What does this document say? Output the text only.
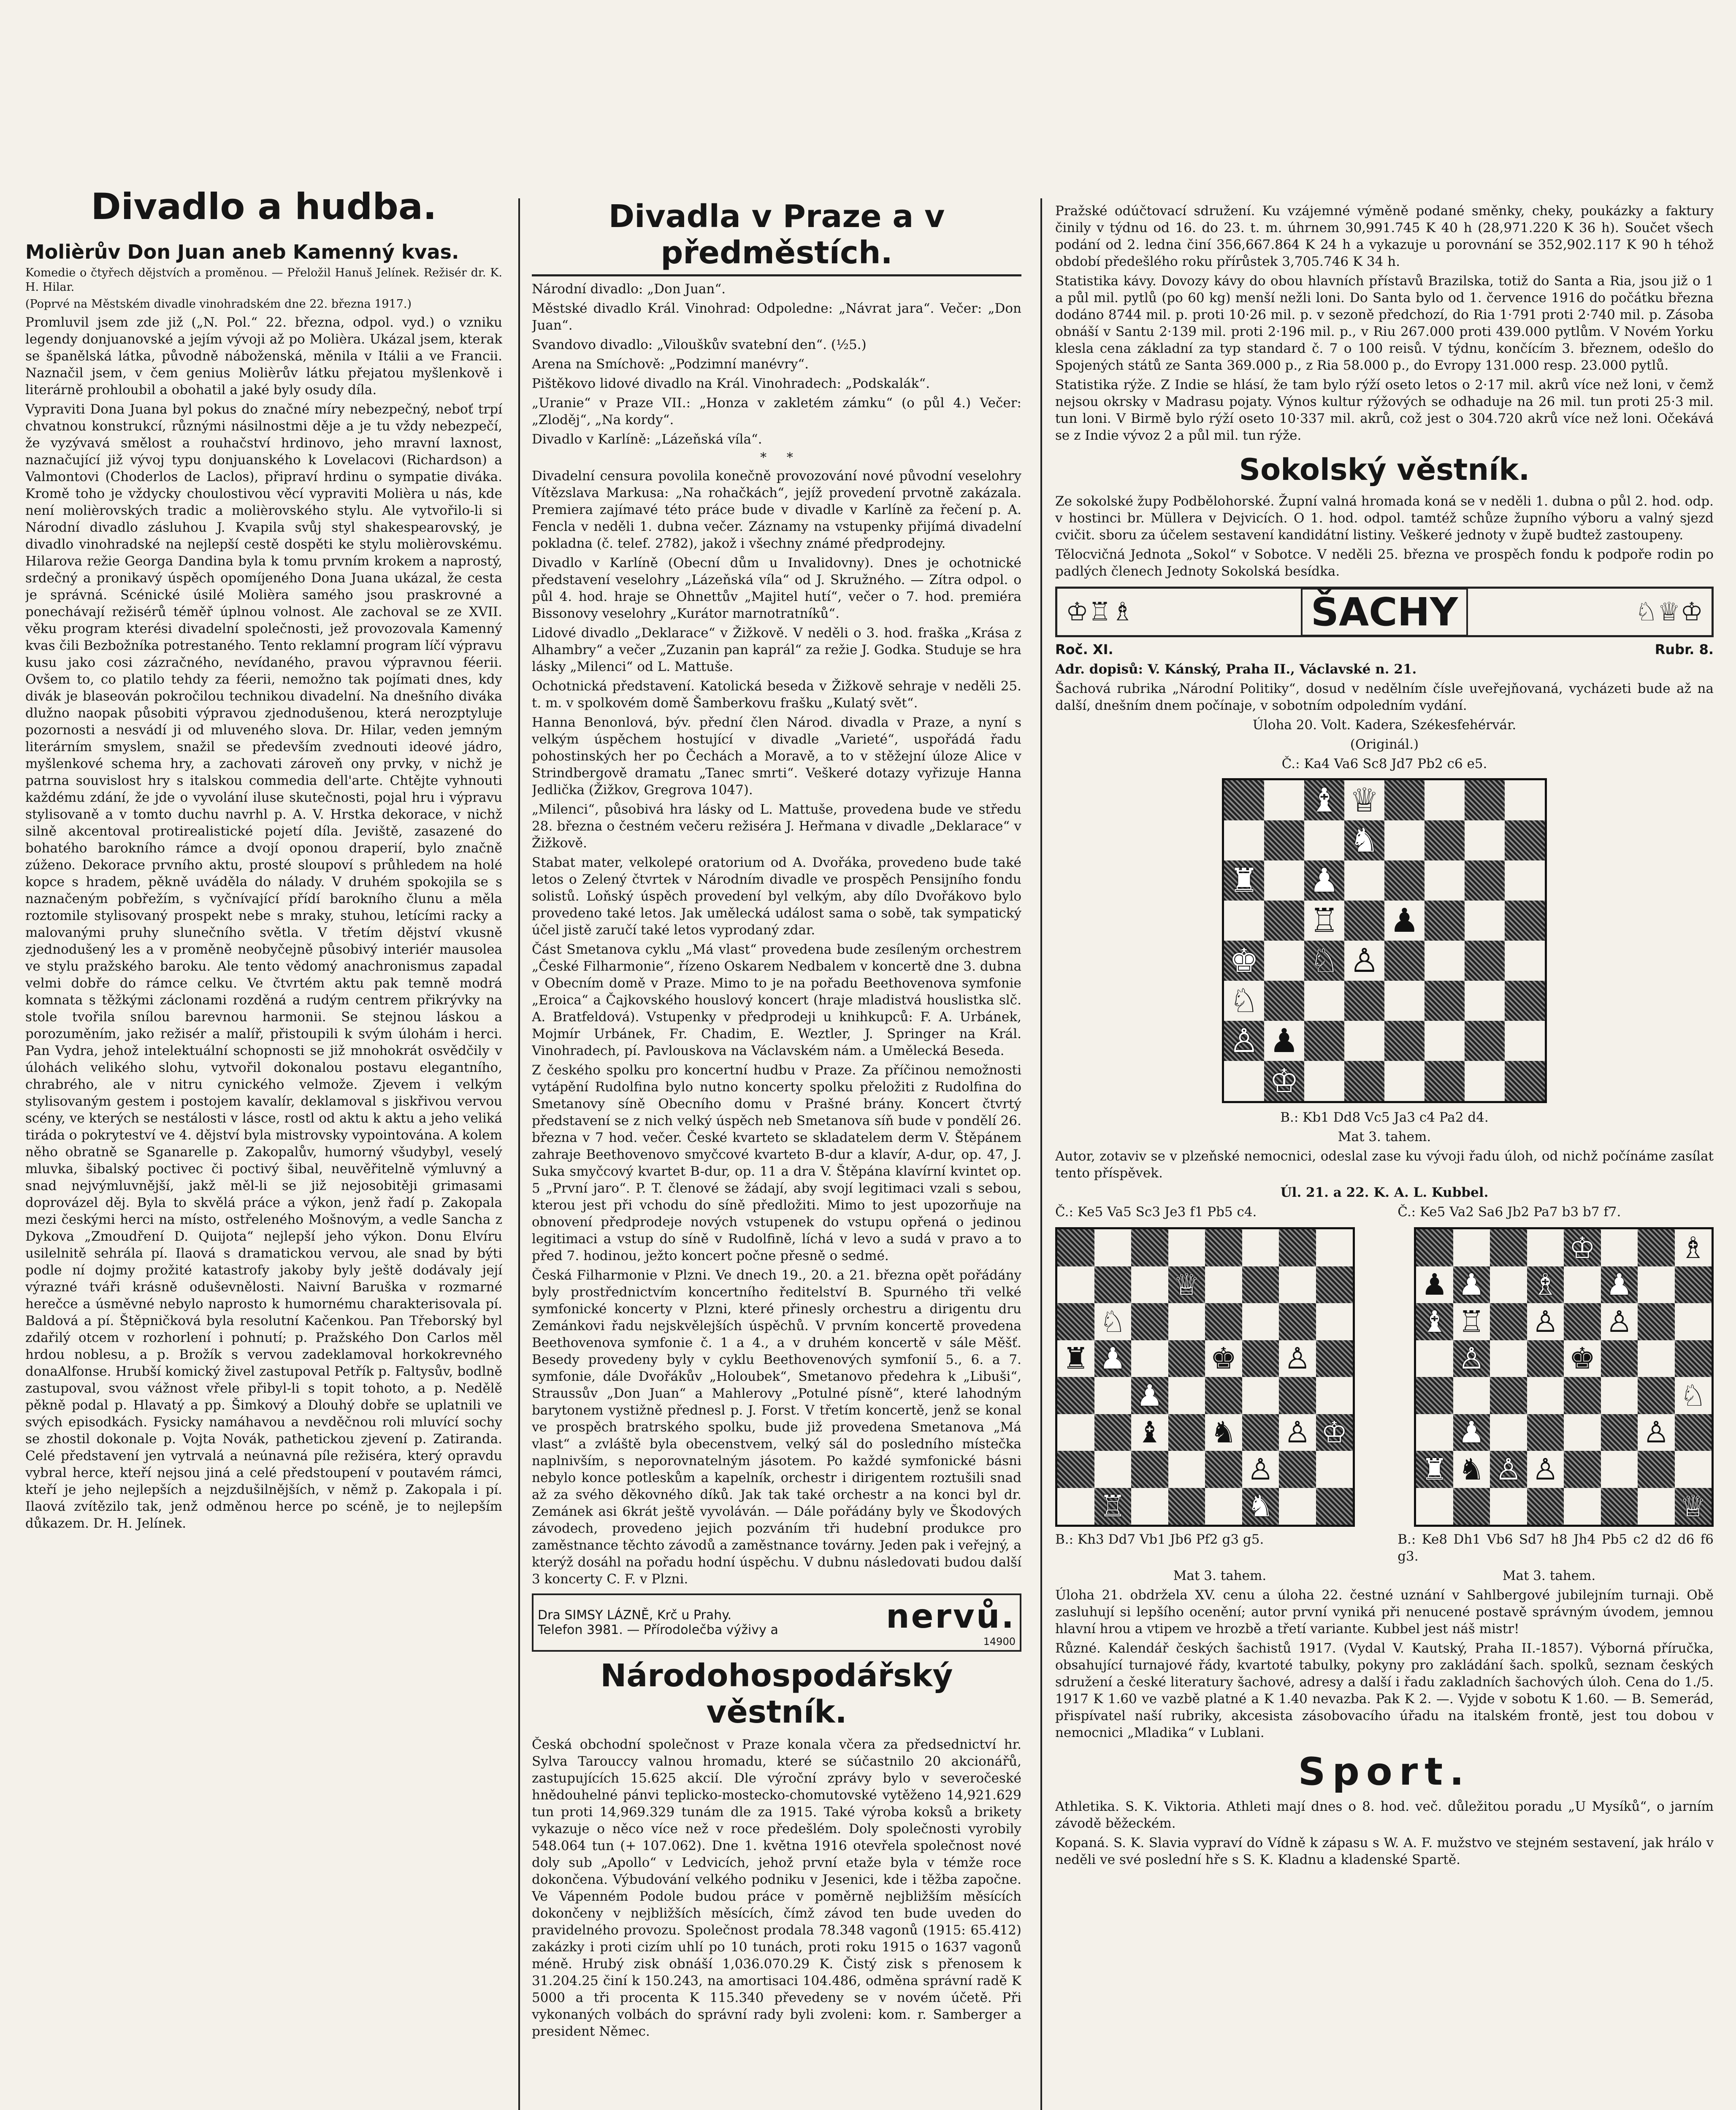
Divadlo a hudba.

Molièrův Don Juan aneb Kamenný kvas.

Komedie o čtyřech dějstvích a proměnou. — Přeložil Hanuš Jelínek. Režisér dr. K. H. Hilar.

(Poprvé na Městském divadle vinohradském dne 22. března 1917.)

Promluvil jsem zde již („N. Pol.“ 22. března, odpol. vyd.) o vzniku legendy donjuanovské a jejím vývoji až po Molièra. Ukázal jsem, kterak se španělská látka, původně náboženská, měnila v Itálii a ve Francii. Naznačil jsem, v čem genius Molièrův látku přejatou myšlenkově i literárně prohloubil a obohatil a jaké byly osudy díla.

Vypraviti Dona Juana byl pokus do značné míry nebezpečný, neboť trpí chvatnou konstrukcí, různými násilnostmi děje a je tu vždy nebezpečí, že vyzývavá smělost a rouhačství hrdinovo, jeho mravní laxnost, naznačující již vývoj typu donjuanského k Lovelacovi (Richardson) a Valmontovi (Choderlos de Laclos), připraví hrdinu o sympatie diváka. Kromě toho je vždycky choulostivou věcí vypraviti Molièra u nás, kde není molièrovských tradic a molièrovského stylu. Ale vytvořilo-li si Národní divadlo zásluhou J. Kvapila svůj styl shakespearovský, je divadlo vinohradské na nejlepší cestě dospěti ke stylu molièrovskému. Hilarova režie Georga Dandina byla k tomu prvním krokem a naprostý, srdečný a pronikavý úspěch opomíjeného Dona Juana ukázal, že cesta je správná. Scénické úsilé Molièra samého jsou praskrovné a ponechávají režisérů téměř úplnou volnost. Ale zachoval se ze XVII. věku program kterési divadelní společnosti, jež provozovala Kamenný kvas čili Bezbožníka potrestaného. Tento reklamní program líčí výpravu kusu jako cosi zázračného, nevídaného, pravou výpravnou féerii. Ovšem to, co platilo tehdy za féerii, nemožno tak pojímati dnes, kdy divák je blaseován pokročilou technikou divadelní. Na dnešního diváka dlužno naopak působiti výpravou zjednodušenou, která nerozptyluje pozornosti a nesvádí ji od mluveného slova. Dr. Hilar, veden jemným literárním smyslem, snažil se především zvednouti ideové jádro, myšlenkové schema hry, a zachovati zároveň ony prvky, v nichž je patrna souvislost hry s italskou commedia dell'arte. Chtějte vyhnouti každému zdání, že jde o vyvolání iluse skutečnosti, pojal hru i výpravu stylisovaně a v tomto duchu navrhl p. A. V. Hrstka dekorace, v nichž silně akcentoval protirealistické pojetí díla. Jeviště, zasazené do bohatého barokního rámce a dvojí oponou draperií, bylo značně zúženo. Dekorace prvního aktu, prosté sloupoví s průhledem na holé kopce s hradem, pěkně uváděla do nálady. V druhém spokojila se s naznačeným pobřežím, s vyčnívající přídí barokního člunu a měla roztomile stylisovaný prospekt nebe s mraky, stuhou, letícími racky a malovanými pruhy slunečního světla. V třetím dějství vkusně zjednodušený les a v proměně neobyčejně působivý interiér mausolea ve stylu pražského baroku. Ale tento vědomý anachronismus zapadal velmi dobře do rámce celku. Ve čtvrtém aktu pak temně modrá komnata s těžkými záclonami rozděná a rudým centrem přikrývky na stole tvořila snílou barevnou harmonii. Se stejnou láskou a porozuměním, jako režisér a malíř, přistoupili k svým úlohám i herci. Pan Vydra, jehož intelektuální schopnosti se již mnohokrát osvědčily v úlohách velikého slohu, vytvořil dokonalou postavu elegantního, chrabrého, ale v nitru cynického velmože. Zjevem i velkým stylisovaným gestem i postojem kavalír, deklamoval s jiskřivou vervou scény, ve kterých se nestálosti v lásce, rostl od aktu k aktu a jeho veliká tiráda o pokryteství ve 4. dějství byla mistrovsky vypointována. A kolem něho obratně se Sganarelle p. Zakopalův, humorný všudybyl, veselý mluvka, šibalský poctivec či poctivý šibal, neuvěřitelně výmluvný a snad nejvýmluvnější, jakž měl-li se již nejosobitěji grimasami doprovázel děj. Byla to skvělá práce a výkon, jenž řadí p. Zakopala mezi českými herci na místo, ostřeleného Mošnovým, a vedle Sancha z Dykova „Zmoudření D. Quijota“ nejlepší jeho výkon. Donu Elvíru usilelnitě sehrála pí. Ilaová s dramatickou vervou, ale snad by býti podle ní dojmy prožité katastrofy jakoby byly ještě dodávaly její výrazné tváři krásně oduševnělosti. Naivní Baruška v rozmarné herečce a úsměvné nebylo naprosto k humornému charakterisovala pí. Baldová a pí. Štěpničková byla resolutní Kačenkou. Pan Třeborský byl zdařilý otcem v rozhorlení i pohnutí; p. Pražského Don Carlos měl hrdou noblesu, a p. Brožík s vervou zadeklamoval horkokrevného donaAlfonse. Hrubší komický živel zastupoval Petřík p. Faltysův, bodlně zastupoval, svou vážnost vřele přibyl-li s topit tohoto, a p. Nedělě pěkně podal p. Hlavatý a pp. Šimkový a Dlouhý dobře se uplatnili ve svých episodkách. Fysicky namáhavou a nevděčnou roli mluvící sochy se zhostil dokonale p. Vojta Novák, pathetickou zjevení p. Zatiranda. Celé představení jen vytrvalá a neúnavná píle režiséra, který opravdu vybral herce, kteří nejsou jiná a celé předstoupení v poutavém rámci, kteří je jeho nejlepších a nejzdušilnějších, v němž p. Zakopala i pí. Ilaová zvítězilo tak, jenž odměnou herce po scéně, je to nejlepším důkazem. Dr. H. Jelínek.

Divadla v Praze a v předměstích.

Národní divadlo: „Don Juan“.

Městské divadlo Král. Vinohrad: Odpoledne: „Návrat jara“. Večer: „Don Juan“.

Svandovo divadlo: „Vilouškův svatební den“. (½5.)

Arena na Smíchově: „Podzimní manévry“.

Pištěkovo lidové divadlo na Král. Vinohradech: „Podskalák“.

„Uranie“ v Praze VII.: „Honza v zakletém zámku“ (o půl 4.) Večer: „Zloděj“, „Na kordy“.

Divadlo v Karlíně: „Lázeňská víla“.

*     *

Divadelní censura povolila konečně provozování nové původní veselohry Vítězslava Markusa: „Na rohačkách“, jejíž provedení prvotně zakázala. Premiera zajímavé této práce bude v divadle v Karlíně za řečení p. A. Fencla v neděli 1. dubna večer. Záznamy na vstupenky přijímá divadelní pokladna (č. telef. 2782), jakož i všechny známé předprodejny.

Divadlo v Karlíně (Obecní dům u Invalidovny). Dnes je ochotnické představení veselohry „Lázeňská víla“ od J. Skružného. — Zítra odpol. o půl 4. hod. hraje se Ohnettův „Majitel hutí“, večer o 7. hod. premiéra Bissonovy veselohry „Kurátor marnotratníků“.

Lidové divadlo „Deklarace“ v Žižkově. V neděli o 3. hod. fraška „Krása z Alhambry“ a večer „Zuzanin pan kaprál“ za režie J. Godka. Studuje se hra lásky „Milenci“ od L. Mattuše.

Ochotnická představení. Katolická beseda v Žižkově sehraje v neděli 25. t. m. v spolkovém domě Šamberkovu frašku „Kulatý svět“.

Hanna Benonlová, býv. přední člen Národ. divadla v Praze, a nyní s velkým úspěchem hostující v divadle „Varieté“, uspořádá řadu pohostinských her po Čechách a Moravě, a to v stěžejní úloze Alice v Strindbergově dramatu „Tanec smrti“. Veškeré dotazy vyřizuje Hanna Jedlička (Žižkov, Gregrova 1047).

„Milenci“, působivá hra lásky od L. Mattuše, provedena bude ve středu 28. března o čestném večeru režiséra J. Heřmana v divadle „Deklarace“ v Žižkově.

Stabat mater, velkolepé oratorium od A. Dvořáka, provedeno bude také letos o Zelený čtvrtek v Národním divadle ve prospěch Pensijního fondu solistů. Loňský úspěch provedení byl velkým, aby dílo Dvořákovo bylo provedeno také letos. Jak umělecká událost sama o sobě, tak sympatický účel jistě zaručí také letos vyprodaný zdar.

Část Smetanova cyklu „Má vlast“ provedena bude zesíleným orchestrem „České Filharmonie“, řízeno Oskarem Nedbalem v koncertě dne 3. dubna v Obecním domě v Praze. Mimo to je na pořadu Beethovenova symfonie „Eroica“ a Čajkovského houslový koncert (hraje mladistvá houslistka slč. A. Bratfeldová). Vstupenky v předprodeji u knihkupců: F. A. Urbánek, Mojmír Urbánek, Fr. Chadim, E. Weztler, J. Springer na Král. Vinohradech, pí. Pavlouskova na Václavském nám. a Umělecká Beseda.

Z českého spolku pro koncertní hudbu v Praze. Za příčinou nemožnosti vytápění Rudolfina bylo nutno koncerty spolku přeložiti z Rudolfina do Smetanovy síně Obecního domu v Prašné brány. Koncert čtvrtý představení se z nich velký úspěch neb Smetanova síň bude v pondělí 26. března v 7 hod. večer. České kvarteto se skladatelem derm V. Štěpánem zahraje Beethovenovo smyčcové kvarteto B-dur a klavír, A-dur, op. 47, J. Suka smyčcový kvartet B-dur, op. 11 a dra V. Štěpána klavírní kvintet op. 5 „První jaro“. P. T. členové se žádají, aby svojí legitimaci vzali s sebou, kterou jest při vchodu do síně předložiti. Mimo to jest upozorňuje na obnovení předprodeje nových vstupenek do vstupu opřená o jedinou legitimaci a vstup do síně v Rudolfině, líchá v levo a sudá v pravo a to před 7. hodinou, ježto koncert počne přesně o sedmé.

Česká Filharmonie v Plzni. Ve dnech 19., 20. a 21. března opět pořádány byly prostřednictvím koncertního ředitelství B. Spurného tři velké symfonické koncerty v Plzni, které přinesly orchestru a dirigentu dru Zemánkovi řadu nejskvělejších úspěchů. V prvním koncertě provedena Beethovenova symfonie č. 1 a 4., a v druhém koncertě v sále Měšť. Besedy provedeny byly v cyklu Beethovenových symfonií 5., 6. a 7. symfonie, dále Dvořákův „Holoubek“, Smetanovo předehra k „Libuši“, Straussův „Don Juan“ a Mahlerovy „Potulné písně“, které lahodným barytonem vystižně přednesl p. J. Forst. V třetím koncertě, jenž se konal ve prospěch bratrského spolku, bude již provedena Smetanova „Má vlast“ a zvláště byla obecenstvem, velký sál do posledního místečka naplnivším, s neporovnatelným jásotem. Po každé symfonické básni nebylo konce potleskům a kapelník, orchestr i dirigentem roztušili snad až za svého děkovného díků. Jak tak také orchestr a na konci byl dr. Zemánek asi 6krát ještě vyvoláván. — Dále pořádány byly ve Škodových závodech, provedeno jejich pozváním tři hudební produkce pro zaměstnance těchto závodů a zaměstnance továrny. Jeden pak i veřejný, a kterýž dosáhl na pořadu hodní úspěchu. V dubnu následovati budou další 3 koncerty C. F. v Plzni.

Dra SIMSY LÁZNĚ, Krč u Prahy.
Telefon 3981. — Přírodolečba výživy a	nervů.
14900
Národohospodářský věstník.

Česká obchodní společnost v Praze konala včera za předsednictví hr. Sylva Tarouccy valnou hromadu, které se súčastnilo 20 akcionářů, zastupujících 15.625 akcií. Dle výroční zprávy bylo v severočeské hnědouhelné pánvi teplicko-mostecko-chomutovské vytěženo 14,921.629 tun proti 14,969.329 tunám dle za 1915. Také výroba koksů a brikety vykazuje o něco více než v roce předešlém. Doly společnosti vyrobily 548.064 tun (+ 107.062). Dne 1. května 1916 otevřela společnost nové doly sub „Apollo“ v Ledvicích, jehož první etaže byla v témže roce dokončena. Výbudování velkého podniku v Jesenici, kde i těžba započne. Ve Vápenném Podole budou práce v poměrně nejbližším měsících dokončeny v nejbližších měsících, čímž závod ten bude uveden do pravidelného provozu. Společnost prodala 78.348 vagonů (1915: 65.412) zakázky i proti cizím uhlí po 10 tunách, proti roku 1915 o 1637 vagonů méně. Hrubý zisk obnáší 1,036.070.29 K. Čistý zisk s přenosem k 31.204.25 činí k 150.243, na amortisaci 104.486, odměna správní radě K 5000 a tři procenta K 115.340 převedeny se v novém účetě. Při vykonaných volbách do správní rady byli zvoleni: kom. r. Samberger a president Němec.

Pražské odúčtovací sdružení. Ku vzájemné výměně podané směnky, cheky, poukázky a faktury činily v týdnu od 16. do 23. t. m. úhrnem 30,991.745 K 40 h (28,971.220 K 36 h). Součet všech podání od 2. ledna činí 356,667.864 K 24 h a vykazuje u porovnání se 352,902.117 K 90 h téhož období předešlého roku přírůstek 3,705.746 K 34 h.

Statistika kávy. Dovozy kávy do obou hlavních přístavů Brazilska, totiž do Santa a Ria, jsou již o 1 a půl mil. pytlů (po 60 kg) menší nežli loni. Do Santa bylo od 1. července 1916 do počátku března dodáno 8744 mil. p. proti 10·26 mil. p. v sezoně předchozí, do Ria 1·791 proti 2·740 mil. p. Zásoba obnáší v Santu 2·139 mil. proti 2·196 mil. p., v Riu 267.000 proti 439.000 pytlům. V Novém Yorku klesla cena základní za typ standard č. 7 o 100 reisů. V týdnu, končícím 3. březnem, odešlo do Spojených států ze Santa 369.000 p., z Ria 58.000 p., do Evropy 131.000 resp. 23.000 pytlů.

Statistika rýže. Z Indie se hlásí, že tam bylo rýží oseto letos o 2·17 mil. akrů více než loni, v čemž nejsou okrsky v Madrasu pojaty. Výnos kultur rýžových se odhaduje na 26 mil. tun proti 25·3 mil. tun loni. V Birmě bylo rýží oseto 10·337 mil. akrů, což jest o 304.720 akrů více než loni. Očekává se z Indie vývoz 2 a půl mil. tun rýže.

Sokolský věstník.

Ze sokolské župy Podbělohorské. Župní valná hromada koná se v neděli 1. dubna o půl 2. hod. odp. v hostinci br. Müllera v Dejvicích. O 1. hod. odpol. tamtéž schůze župního výboru a valný sjezd cvičit. sboru za účelem sestavení kandidátní listiny. Veškeré jednoty v župě budtež zastoupeny.

Tělocvičná Jednota „Sokol“ v Sobotce. V neděli 25. března ve prospěch fondu k podpoře rodin po padlých členech Jednoty Sokolská besídka.

♔♖♗	ŠACHY	♘♕♔
Roč. XI.	Rubr. 8.

Adr. dopisů: V. Kánský, Praha II., Václavské n. 21.

Šachová rubrika „Národní Politiky“, dosud v nedělním čísle uveřejňovaná, vycházeti bude až na další, dnešním dnem počínaje, v sobotním odpoledním vydání.

Úloha 20. Volt. Kadera, Székesfehérvár.

(Originál.)

Č.: Ka4 Va6 Sc8 Jd7 Pb2 c6 e5.

♝ ♕
♞
♜ ♟
♖ ♟
♚ ♘ ♙
♘
♙ ♟
♔

B.: Kb1 Dd8 Vc5 Ja3 c4 Pa2 d4.

Mat 3. tahem.

Autor, zotaviv se v plzeňské nemocnici, odeslal zase ku vývoji řadu úloh, od nichž počínáme zasílat tento příspěvek.

Úl. 21. a 22. K. A. L. Kubbel.

Č.: Ke5 Va5 Sc3 Je3 f1 Pb5 c4.	Č.: Ke5 Va2 Sa6 Jb2 Pa7 b3 b7 f7.

♕
♘
♜ ♟	♚ ♙
♟
♝ ♞ ♙ ♔
♙
♖	♞
♔	♗
♟ ♟ ♗ ♟
♝ ♖ ♙ ♙
♙	♚
♘
♟	♙
♜ ♞ ♙ ♙
♕

B.: Kh3 Dd7 Vb1 Jb6 Pf2 g3 g5.	B.: Ke8 Dh1 Vb6 Sd7 h8 Jh4 Pb5 c2 d2 d6 f6 g3.

Mat 3. tahem.	Mat 3. tahem.

Úloha 21. obdržela XV. cenu a úloha 22. čestné uznání v Sahlbergové jubilejním turnaji. Obě zasluhují si lepšího ocenění; autor první vyniká při nenucené postavě správným úvodem, jemnou hlavní hrou a vtipem ve hrozbě a třetí variante. Kubbel jest náš mistr!

Různé. Kalendář českých šachistů 1917. (Vydal V. Kautský, Praha II.-1857). Výborná příručka, obsahující turnajové řády, kvartoté tabulky, pokyny pro zakládání šach. spolků, seznam českých sdružení a české literatury šachové, adresy a další i řadu zakladních šachových úloh. Cena do 1./5. 1917 K 1.60 ve vazbě platné a K 1.40 nevazba. Pak K 2. —. Vyjde v sobotu K 1.60. — B. Semerád, přispívatel naší rubriky, akcesista zásobovacího úřadu na italském frontě, jest tou dobou v nemocnici „Mladika“ v Lublani.

Sport.

Athletika. S. K. Viktoria. Athleti mají dnes o 8. hod. več. důležitou poradu „U Mysíků“, o jarním závodě běžeckém.

Kopaná. S. K. Slavia vypraví do Vídně k zápasu s W. A. F. mužstvo ve stejném sestavení, jak hrálo v neděli ve své poslední hře s S. K. Kladnu a kladenské Spartě.
